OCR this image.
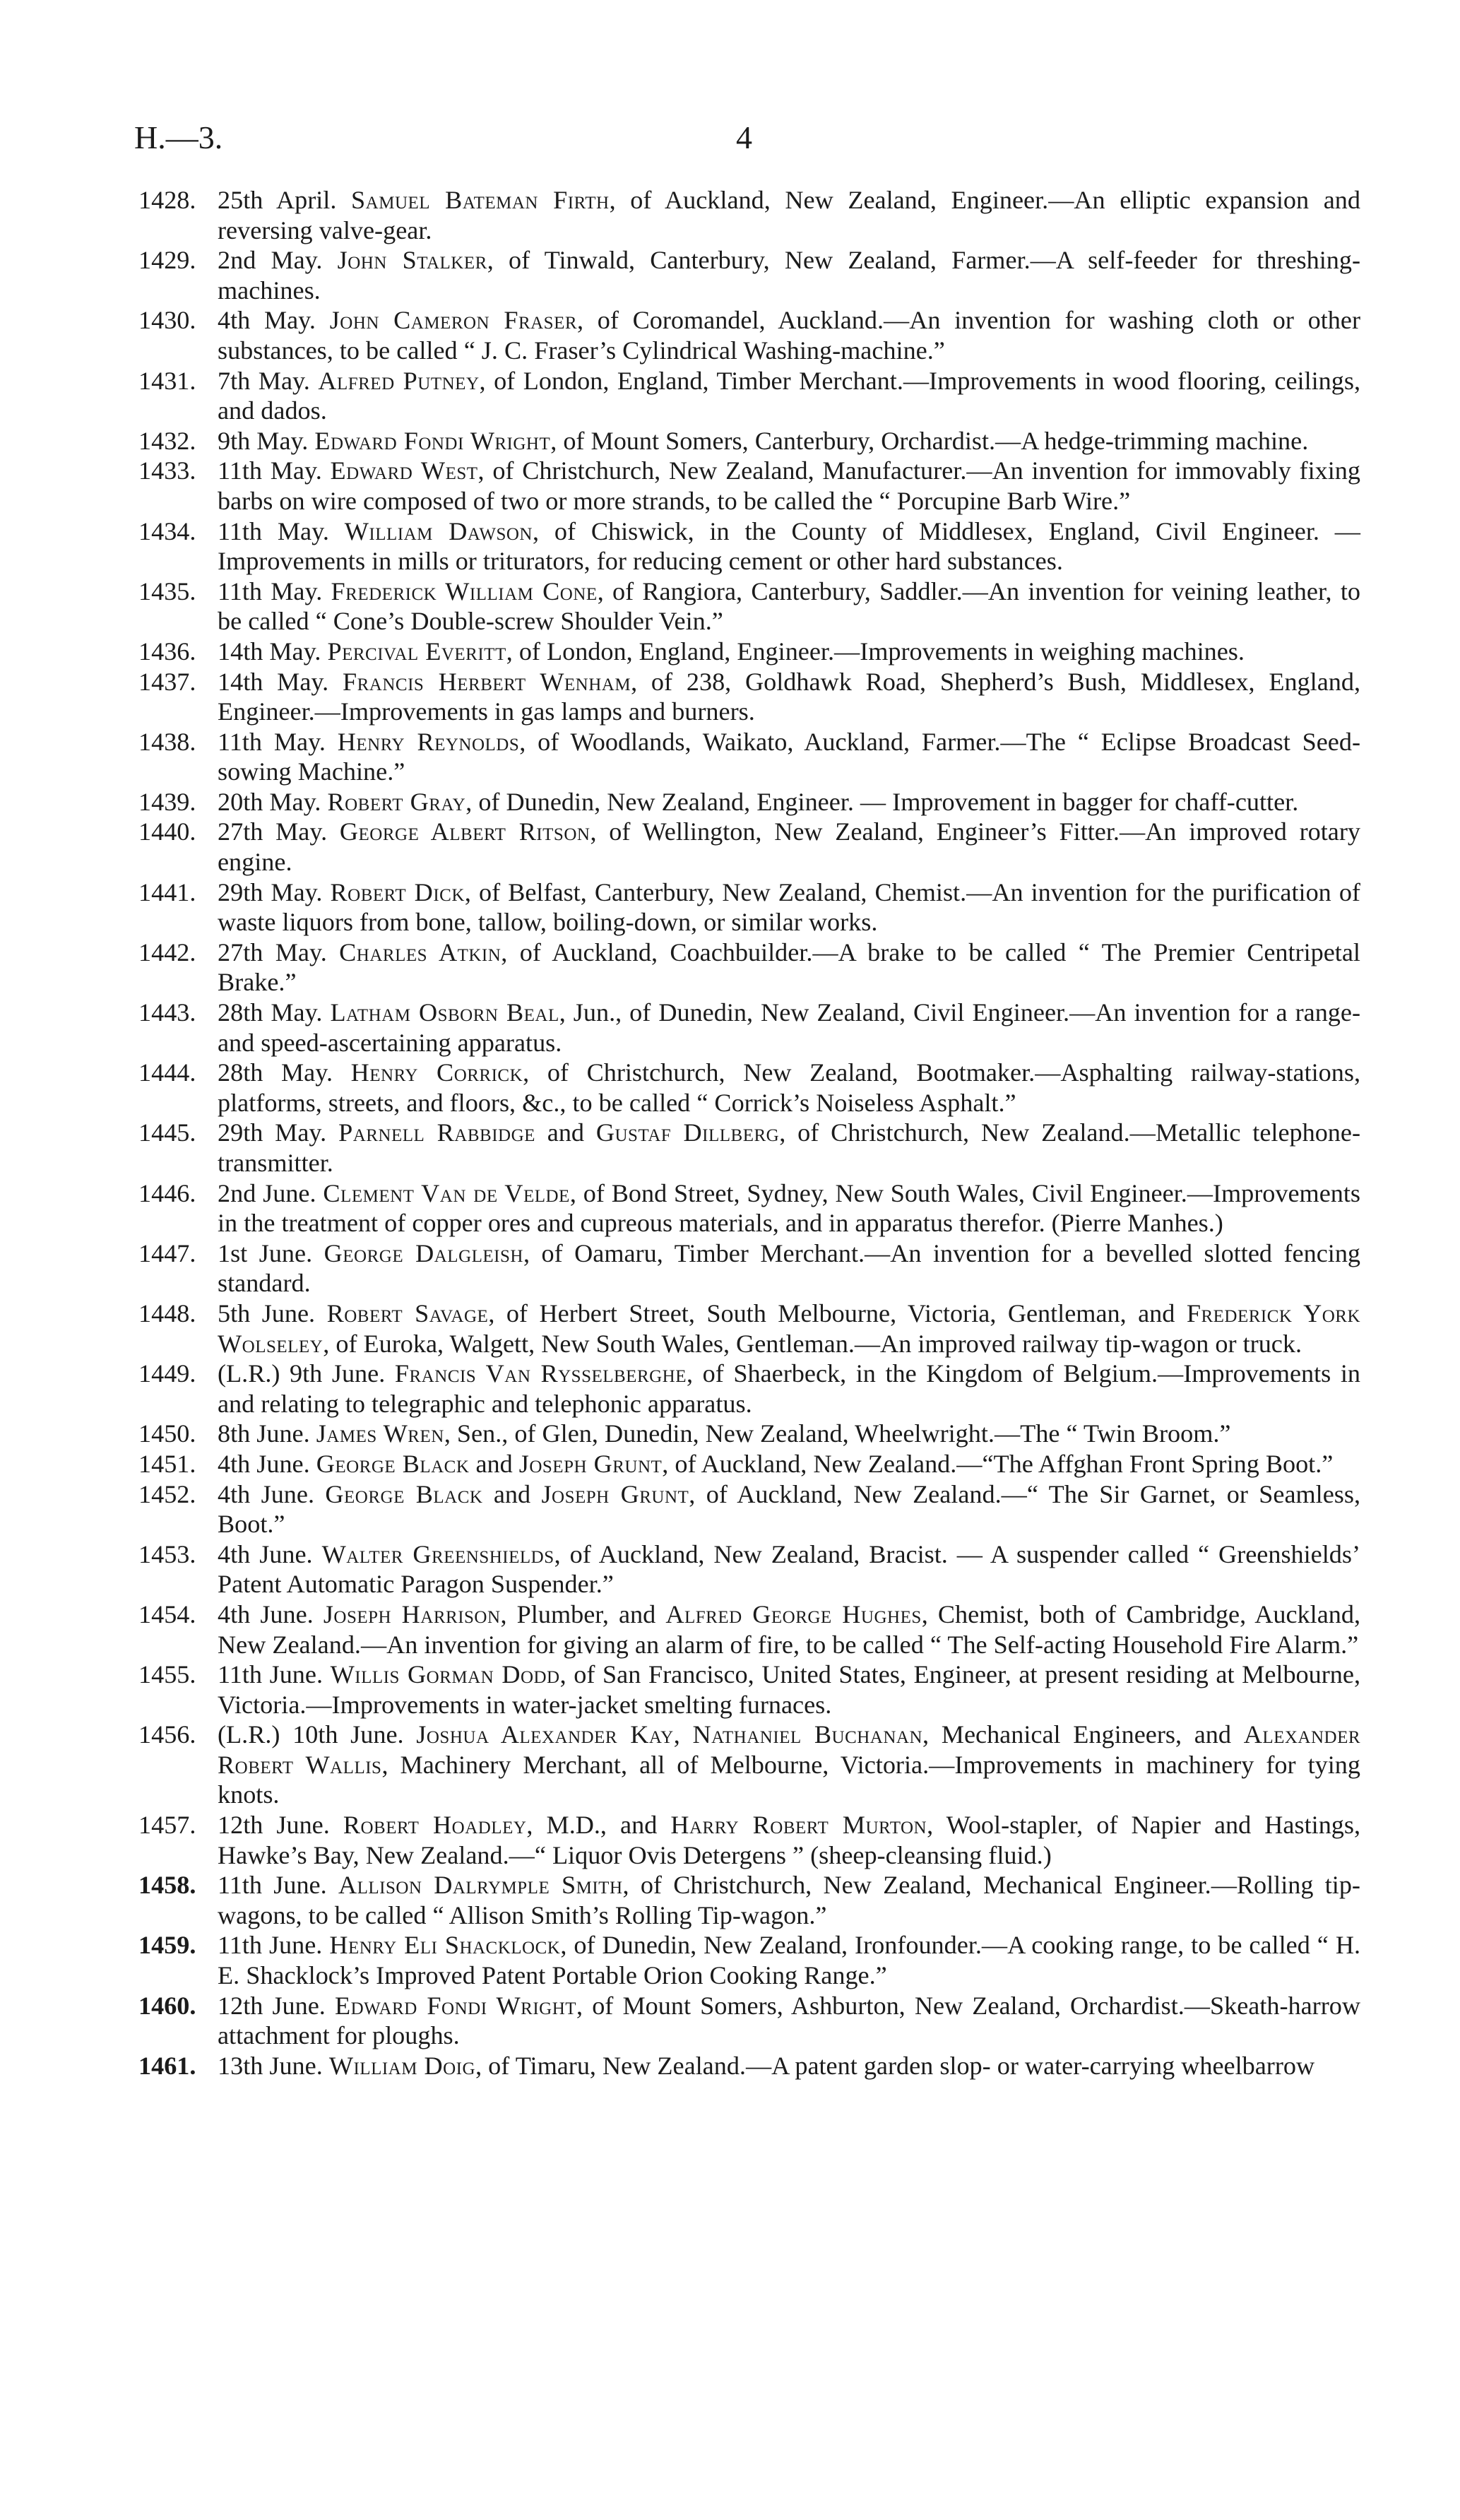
H.—3.	4
1428. 25th April. Samuel Bateman Firth, of Auckland, New Zealand, Engineer.—An elliptic expansion and reversing valve-gear.
1429. 2nd May. John Stalker, of Tinwald, Canterbury, New Zealand, Farmer.—A self-feeder for threshing-machines.
1430. 4th May. John Cameron Fraser, of Coromandel, Auckland.—An invention for washing cloth or other substances, to be called “ J. C. Fraser’s Cylindrical Washing-machine.”
1431. 7th May. Alfred Putney, of London, England, Timber Merchant.—Improvements in wood flooring, ceilings, and dados.
1432. 9th May. Edward Fondi Wright, of Mount Somers, Canterbury, Orchardist.—A hedge-trimming machine.
1433. 11th May. Edward West, of Christchurch, New Zealand, Manufacturer.—An invention for immovably fixing barbs on wire composed of two or more strands, to be called the “ Porcupine Barb Wire.”
1434. 11th May. William Dawson, of Chiswick, in the County of Middlesex, England, Civil Engineer. — Improvements in mills or triturators, for reducing cement or other hard substances.
1435. 11th May. Frederick William Cone, of Rangiora, Canterbury, Saddler.—An invention for veining leather, to be called “ Cone’s Double-screw Shoulder Vein.”
1436. 14th May. Percival Everitt, of London, England, Engineer.—Improvements in weighing machines.
1437. 14th May. Francis Herbert Wenham, of 238, Goldhawk Road, Shepherd’s Bush, Middlesex, England, Engineer.—Improvements in gas lamps and burners.
1438. 11th May. Henry Reynolds, of Woodlands, Waikato, Auckland, Farmer.—The “ Eclipse Broadcast Seed-sowing Machine.”
1439. 20th May. Robert Gray, of Dunedin, New Zealand, Engineer. — Improvement in bagger for chaff-cutter.
1440. 27th May. George Albert Ritson, of Wellington, New Zealand, Engineer’s Fitter.—An improved rotary engine.
1441. 29th May. Robert Dick, of Belfast, Canterbury, New Zealand, Chemist.—An invention for the purification of waste liquors from bone, tallow, boiling-down, or similar works.
1442. 27th May. Charles Atkin, of Auckland, Coachbuilder.—A brake to be called “ The Premier Centripetal Brake.”
1443. 28th May. Latham Osborn Beal, Jun., of Dunedin, New Zealand, Civil Engineer.—An invention for a range- and speed-ascertaining apparatus.
1444. 28th May. Henry Corrick, of Christchurch, New Zealand, Bootmaker.—Asphalting railway-stations, platforms, streets, and floors, &c., to be called “ Corrick’s Noiseless Asphalt.”
1445. 29th May. Parnell Rabbidge and Gustaf Dillberg, of Christchurch, New Zealand.—Metallic telephone-transmitter.
1446. 2nd June. Clement Van de Velde, of Bond Street, Sydney, New South Wales, Civil Engineer.—Improvements in the treatment of copper ores and cupreous materials, and in apparatus therefor. (Pierre Manhes.)
1447. 1st June. George Dalgleish, of Oamaru, Timber Merchant.—An invention for a bevelled slotted fencing standard.
1448. 5th June. Robert Savage, of Herbert Street, South Melbourne, Victoria, Gentleman, and Frederick York Wolseley, of Euroka, Walgett, New South Wales, Gentleman.—An improved railway tip-wagon or truck.
1449. (L.R.) 9th June. Francis Van Rysselberghe, of Shaerbeck, in the Kingdom of Belgium.—Improvements in and relating to telegraphic and telephonic apparatus.
1450. 8th June. James Wren, Sen., of Glen, Dunedin, New Zealand, Wheelwright.—The “ Twin Broom.”
1451. 4th June. George Black and Joseph Grunt, of Auckland, New Zealand.—“The Affghan Front Spring Boot.”
1452. 4th June. George Black and Joseph Grunt, of Auckland, New Zealand.—“ The Sir Garnet, or Seamless, Boot.”
1453. 4th June. Walter Greenshields, of Auckland, New Zealand, Bracist. — A suspender called “ Greenshields’ Patent Automatic Paragon Suspender.”
1454. 4th June. Joseph Harrison, Plumber, and Alfred George Hughes, Chemist, both of Cambridge, Auckland, New Zealand.—An invention for giving an alarm of fire, to be called “ The Self-acting Household Fire Alarm.”
1455. 11th June. Willis Gorman Dodd, of San Francisco, United States, Engineer, at present residing at Melbourne, Victoria.—Improvements in water-jacket smelting furnaces.
1456. (L.R.) 10th June. Joshua Alexander Kay, Nathaniel Buchanan, Mechanical Engineers, and Alexander Robert Wallis, Machinery Merchant, all of Melbourne, Victoria.—Improvements in machinery for tying knots.
1457. 12th June. Robert Hoadley, M.D., and Harry Robert Murton, Wool-stapler, of Napier and Hastings, Hawke’s Bay, New Zealand.—“ Liquor Ovis Detergens ” (sheep-cleansing fluid.)
1458. 11th June. Allison Dalrymple Smith, of Christchurch, New Zealand, Mechanical Engineer.—Rolling tip-wagons, to be called “ Allison Smith’s Rolling Tip-wagon.”
1459. 11th June. Henry Eli Shacklock, of Dunedin, New Zealand, Ironfounder.—A cooking range, to be called “ H. E. Shacklock’s Improved Patent Portable Orion Cooking Range.”
1460. 12th June. Edward Fondi Wright, of Mount Somers, Ashburton, New Zealand, Orchardist.—Skeath-harrow attachment for ploughs.
1461. 13th June. William Doig, of Timaru, New Zealand.—A patent garden slop- or water-carrying wheelbarrow
